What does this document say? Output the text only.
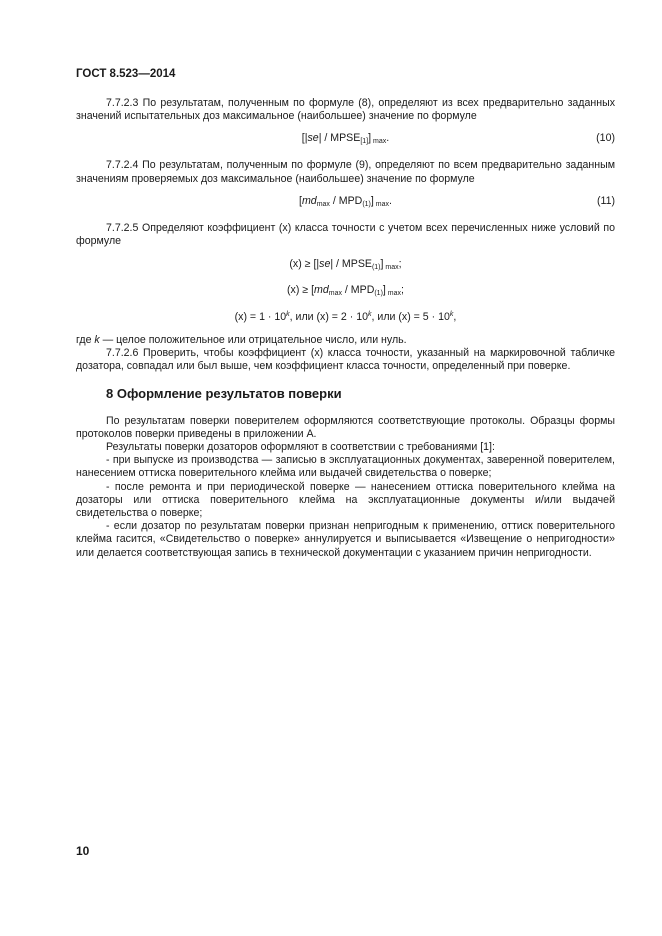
ГОСТ 8.523—2014

7.7.2.3 По результатам, полученным по формуле (8), определяют из всех предварительно заданных значений испытательных доз максимальное (наибольшее) значение по формуле

$[|se| / MPSE_{[1]}]$ $_{max}$.	(10)

7.7.2.4 По результатам, полученным по формуле (9), определяют по всем предварительно заданным значениям проверяемых доз максимальное (наибольшее) значение по формуле

$[md_{max} / MPD_{(1)}]$ $_{max}$.	(11)

7.7.2.5 Определяют коэффициент (x) класса точности с учетом всех перечисленных ниже условий по формуле

$(x) \ge [|se| / MPSE_{(1)}]$ $_{max}$;
$(x) \ge [md_{max} / MPD_{(1)}]$ $_{max}$;
$(x) = 1 \cdot 10^k$, или $(x) = 2 \cdot 10^k$, или $(x) = 5 \cdot 10^k$,

где k — целое положительное или отрицательное число, или нуль.

7.7.2.6 Проверить, чтобы коэффициент (x) класса точности, указанный на маркировочной табличке дозатора, совпадал или был выше, чем коэффициент класса точности, определенный при поверке.

8 Оформление результатов поверки

По результатам поверки поверителем оформляются соответствующие протоколы. Образцы формы протоколов поверки приведены в приложении А.

Результаты поверки дозаторов оформляют в соответствии с требованиями [1]:

- при выпуске из производства — записью в эксплуатационных документах, заверенной поверителем, нанесением оттиска поверительного клейма или выдачей свидетельства о поверке;

- после ремонта и при периодической поверке — нанесением оттиска поверительного клейма на дозаторы или оттиска поверительного клейма на эксплуатационные документы и/или выдачей свидетельства о поверке;

- если дозатор по результатам поверки признан непригодным к применению, оттиск поверительного клейма гасится, «Свидетельство о поверке» аннулируется и выписывается «Извещение о непригодности» или делается соответствующая запись в технической документации с указанием причин непригодности.

10
